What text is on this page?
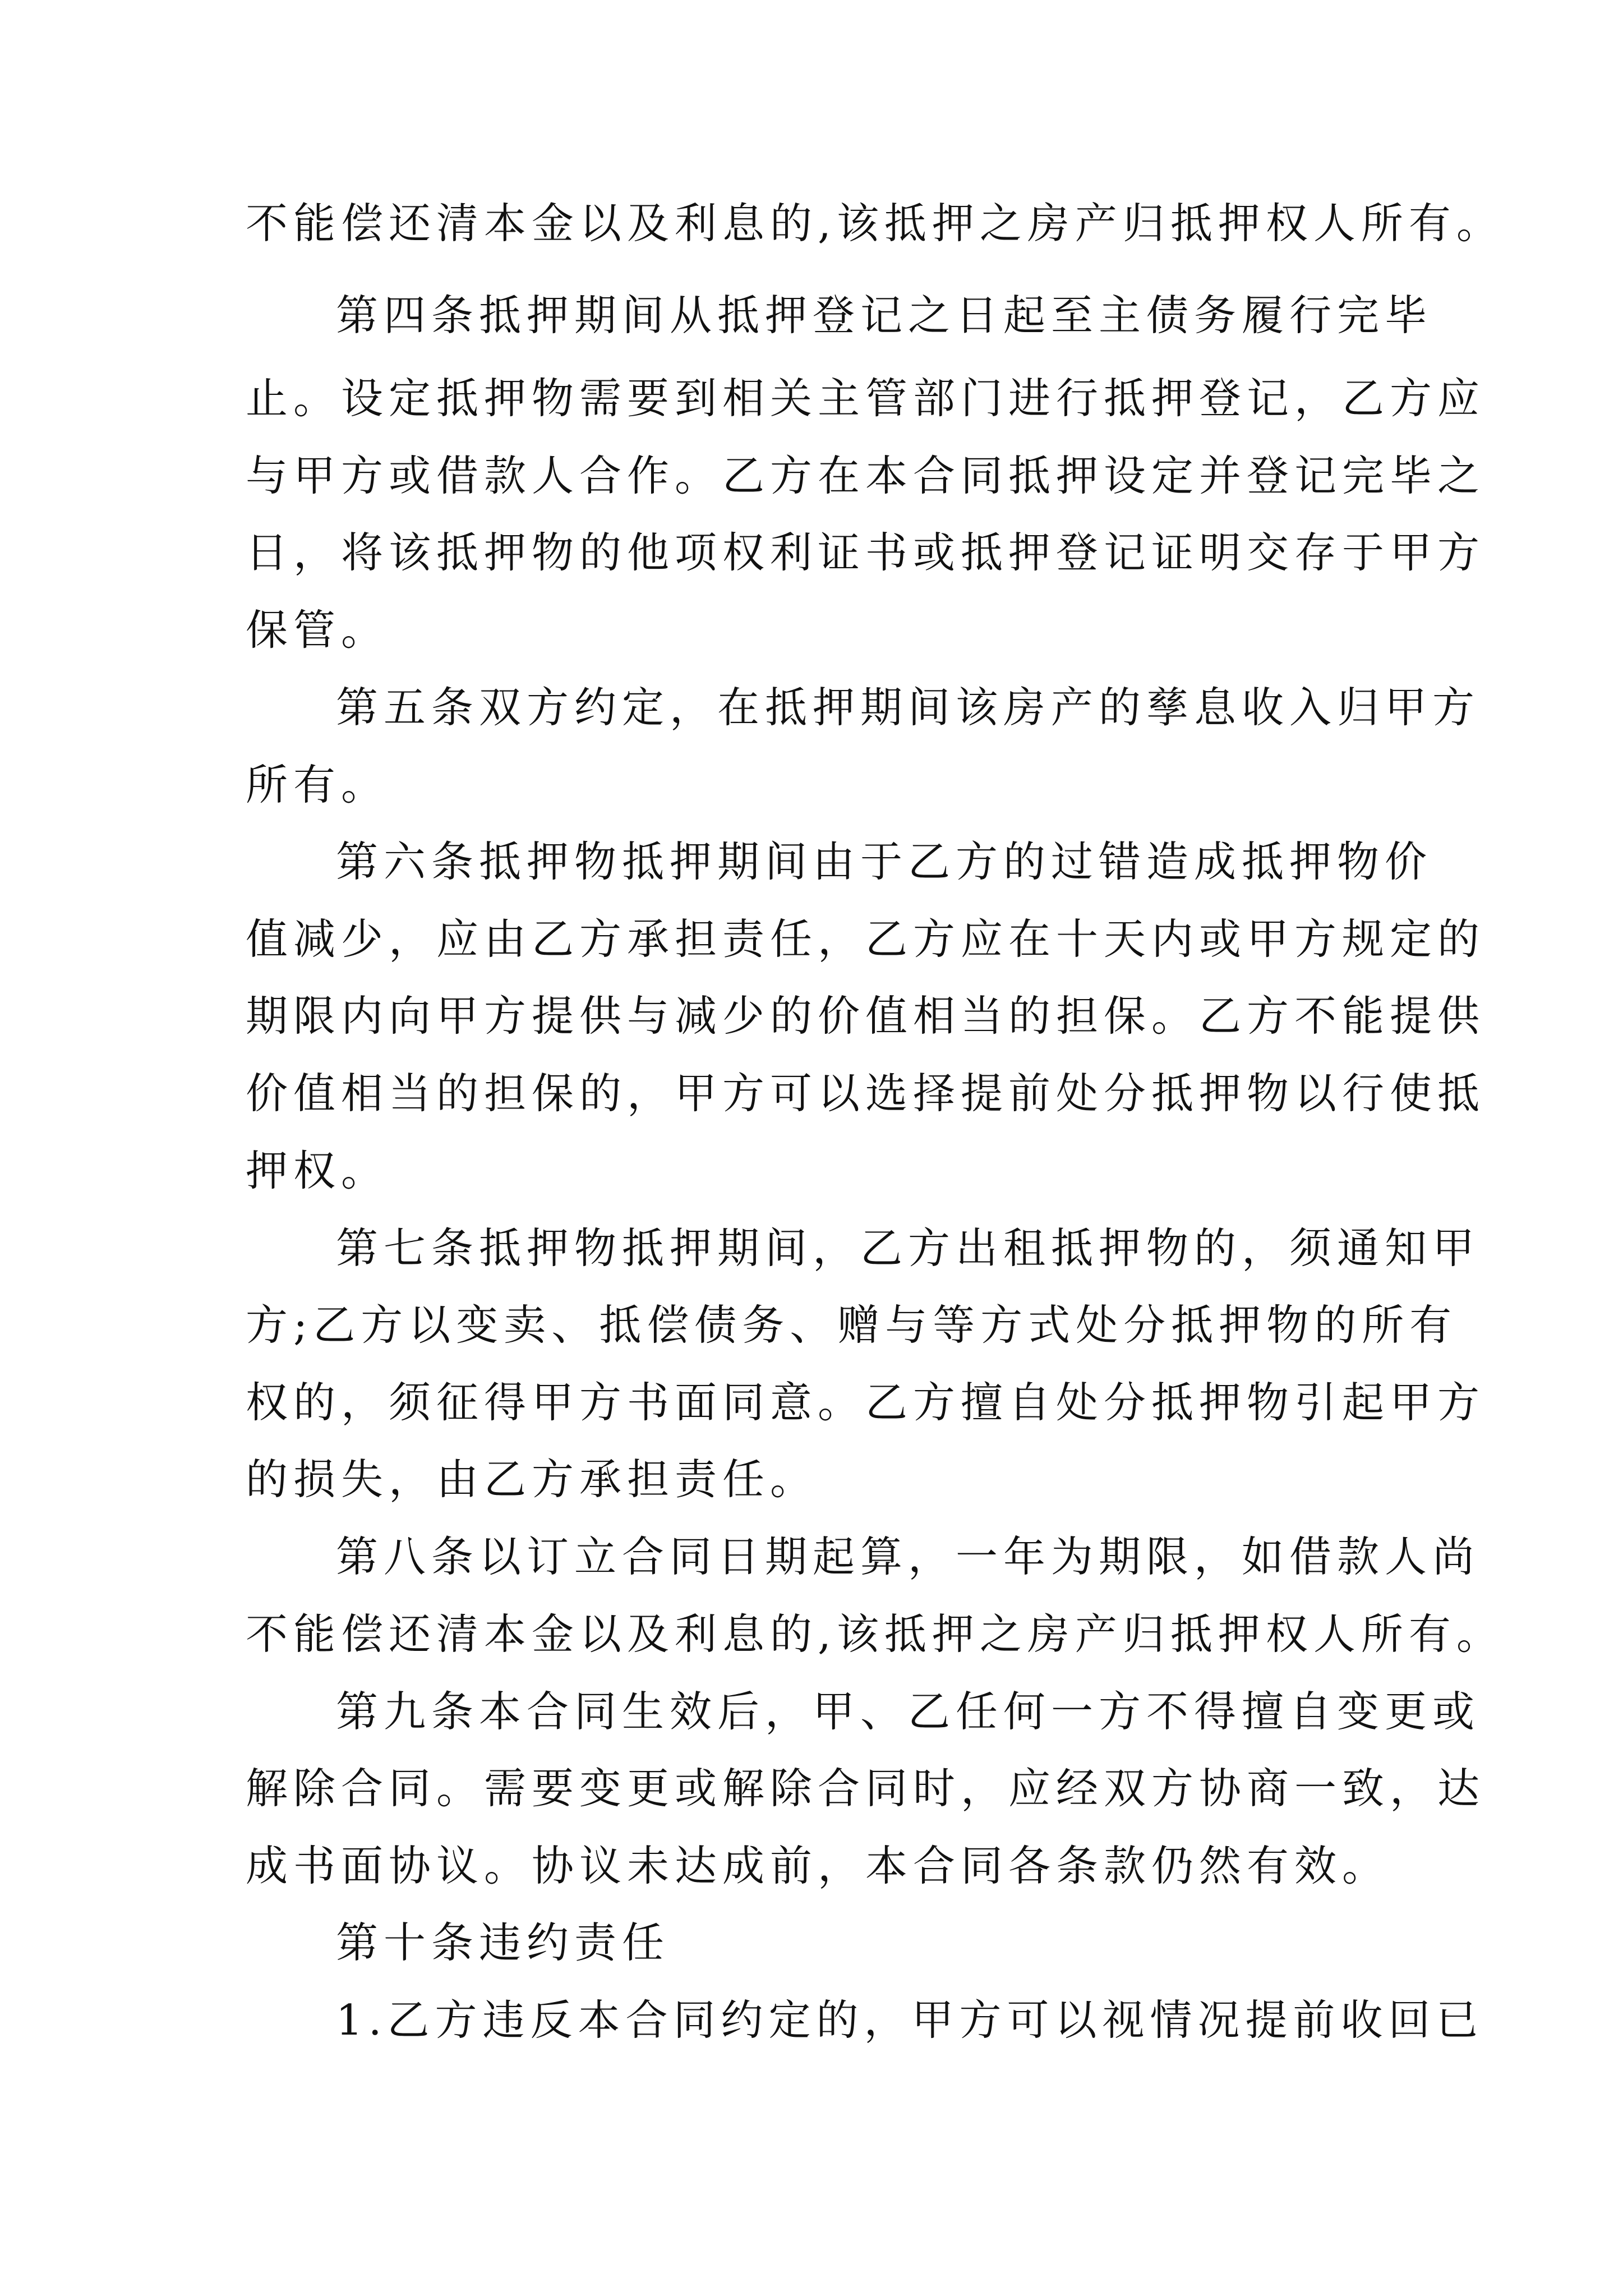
不能偿还清本金以及利息的,该抵押之房产归抵押权人所有。
第四条抵押期间从抵押登记之日起至主债务履行完毕
止。设定抵押物需要到相关主管部门进行抵押登记，乙方应
与甲方或借款人合作。乙方在本合同抵押设定并登记完毕之
日，将该抵押物的他项权利证书或抵押登记证明交存于甲方
保管。
第五条双方约定，在抵押期间该房产的孳息收入归甲方
所有。
第六条抵押物抵押期间由于乙方的过错造成抵押物价
值减少，应由乙方承担责任，乙方应在十天内或甲方规定的
期限内向甲方提供与减少的价值相当的担保。乙方不能提供
价值相当的担保的，甲方可以选择提前处分抵押物以行使抵
押权。
第七条抵押物抵押期间，乙方出租抵押物的，须通知甲
方;乙方以变卖、抵偿债务、赠与等方式处分抵押物的所有
权的，须征得甲方书面同意。乙方擅自处分抵押物引起甲方
的损失，由乙方承担责任。
第八条以订立合同日期起算，一年为期限，如借款人尚
不能偿还清本金以及利息的,该抵押之房产归抵押权人所有。
第九条本合同生效后，甲、乙任何一方不得擅自变更或
解除合同。需要变更或解除合同时，应经双方协商一致，达
成书面协议。协议未达成前，本合同各条款仍然有效。
第十条违约责任
1.乙方违反本合同约定的，甲方可以视情况提前收回已
